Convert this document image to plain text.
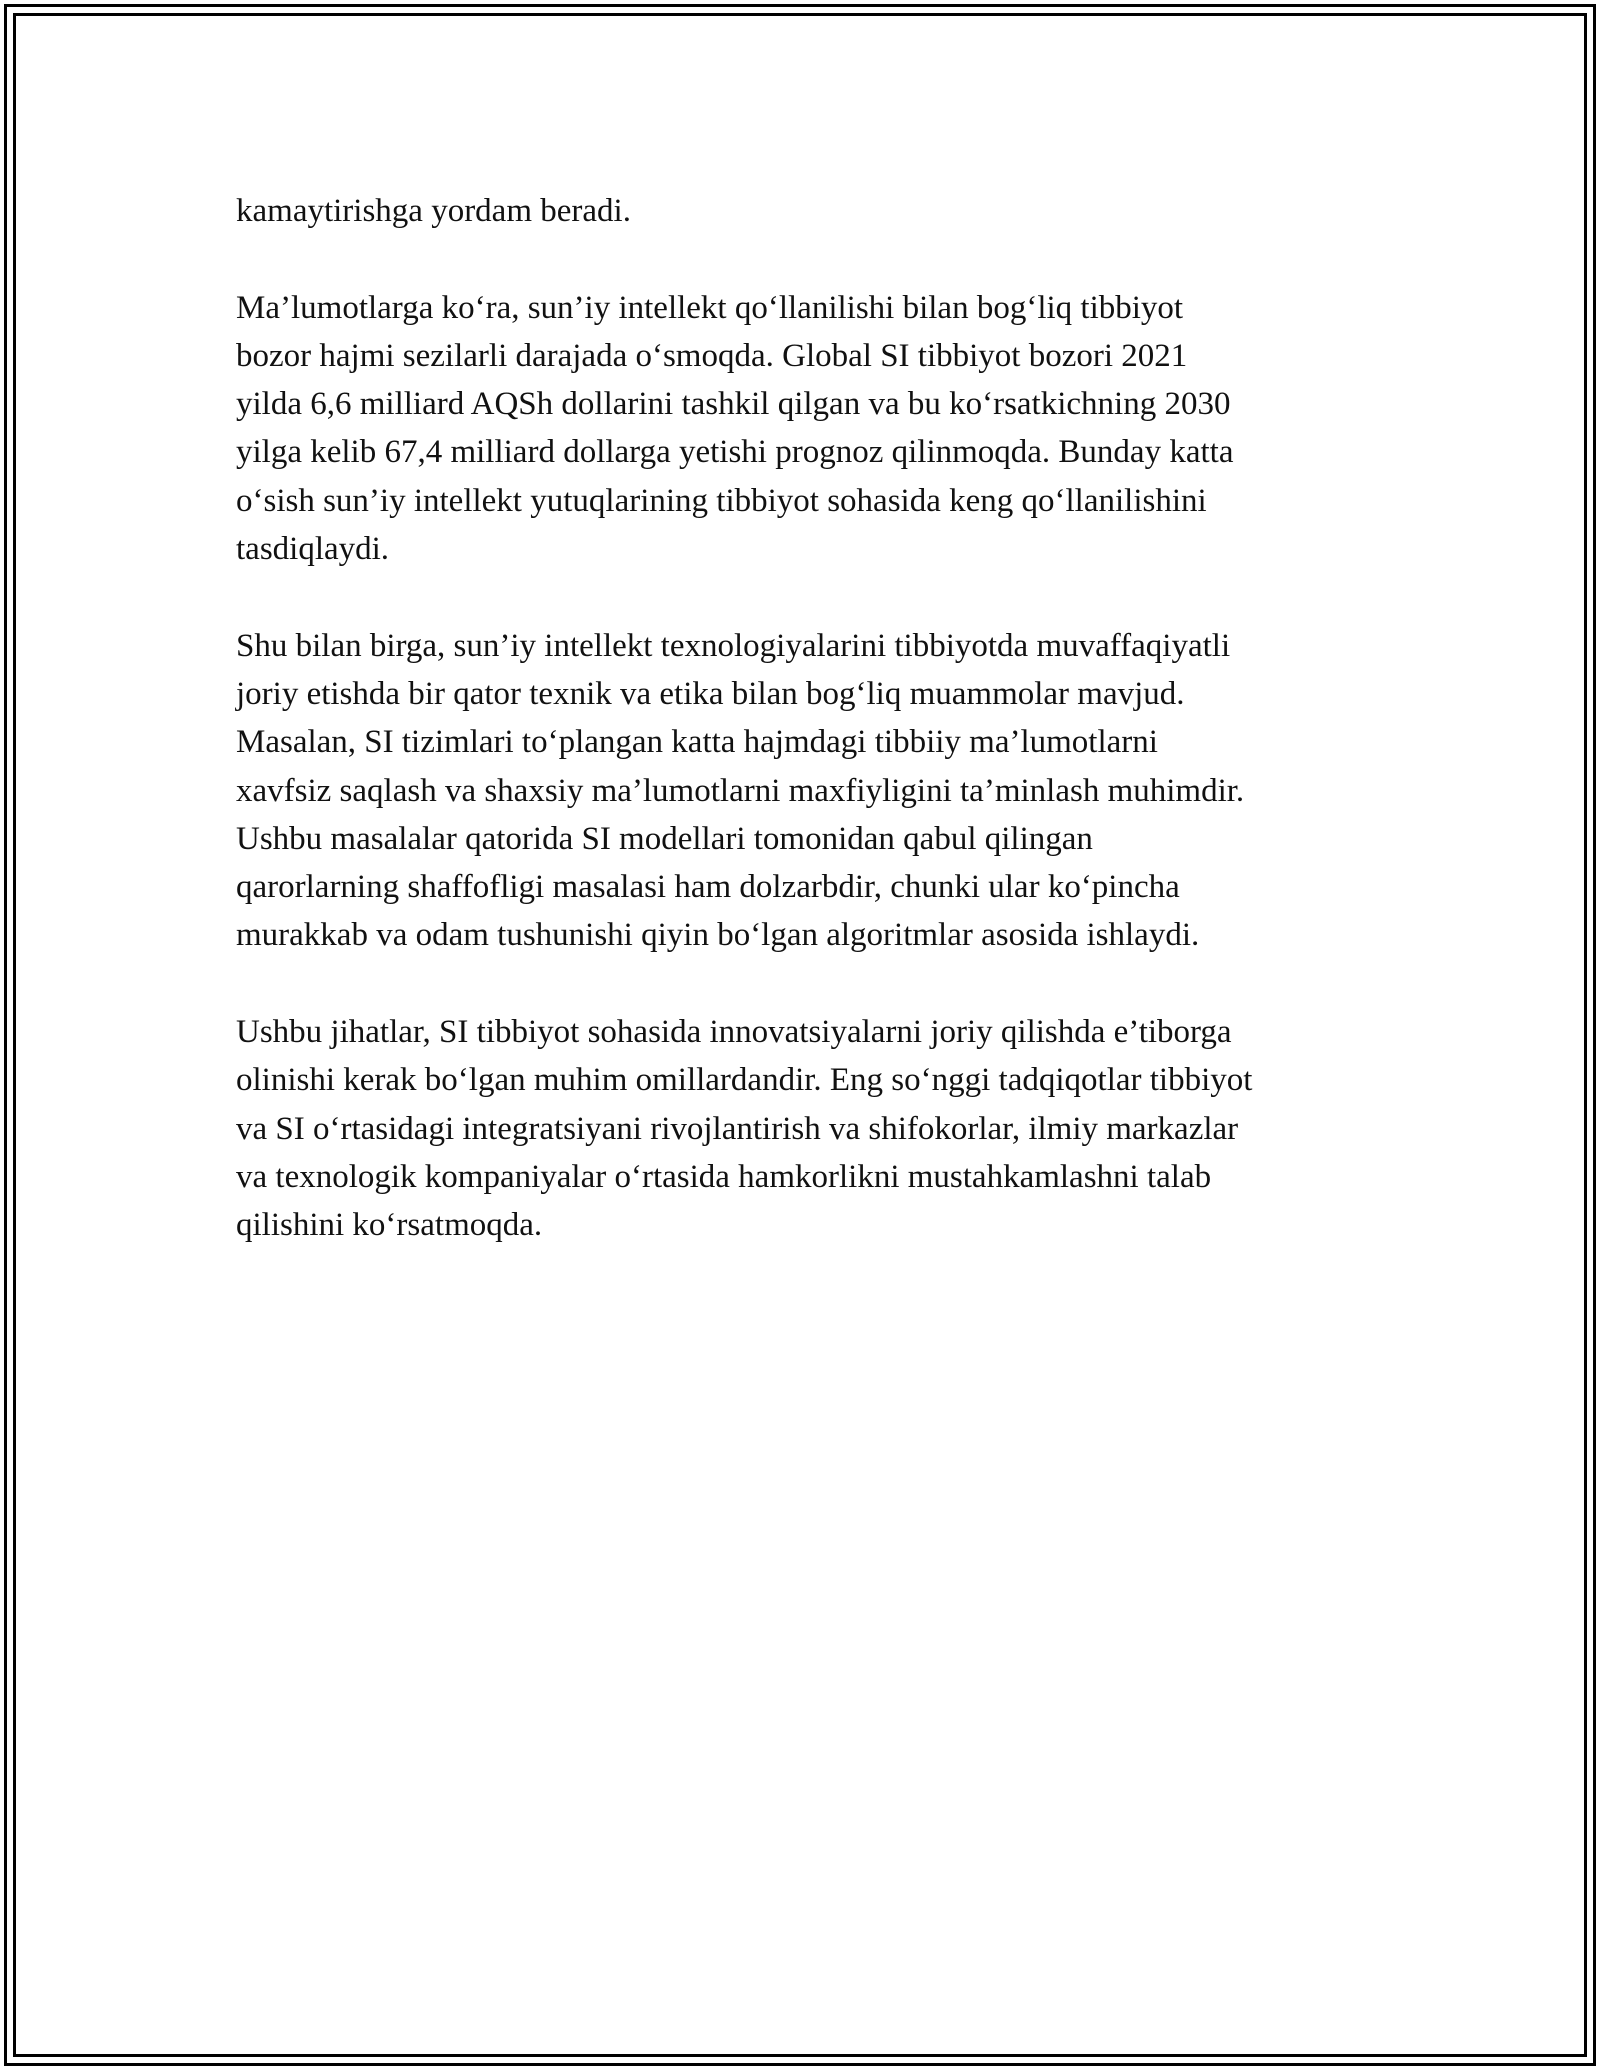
kamaytirishga yordam beradi.

Ma’lumotlarga ko‘ra, sun’iy intellekt qo‘llanilishi bilan bog‘liq tibbiyot
bozor hajmi sezilarli darajada o‘smoqda. Global SI tibbiyot bozori 2021
yilda 6,6 milliard AQSh dollarini tashkil qilgan va bu ko‘rsatkichning 2030
yilga kelib 67,4 milliard dollarga yetishi prognoz qilinmoqda. Bunday katta
o‘sish sun’iy intellekt yutuqlarining tibbiyot sohasida keng qo‘llanilishini
tasdiqlaydi.

Shu bilan birga, sun’iy intellekt texnologiyalarini tibbiyotda muvaffaqiyatli
joriy etishda bir qator texnik va etika bilan bog‘liq muammolar mavjud.
Masalan, SI tizimlari to‘plangan katta hajmdagi tibbiiy ma’lumotlarni
xavfsiz saqlash va shaxsiy ma’lumotlarni maxfiyligini ta’minlash muhimdir.
Ushbu masalalar qatorida SI modellari tomonidan qabul qilingan
qarorlarning shaffofligi masalasi ham dolzarbdir, chunki ular ko‘pincha
murakkab va odam tushunishi qiyin bo‘lgan algoritmlar asosida ishlaydi.

Ushbu jihatlar, SI tibbiyot sohasida innovatsiyalarni joriy qilishda e’tiborga
olinishi kerak bo‘lgan muhim omillardandir. Eng so‘nggi tadqiqotlar tibbiyot
va SI o‘rtasidagi integratsiyani rivojlantirish va shifokorlar, ilmiy markazlar
va texnologik kompaniyalar o‘rtasida hamkorlikni mustahkamlashni talab
qilishini ko‘rsatmoqda.
